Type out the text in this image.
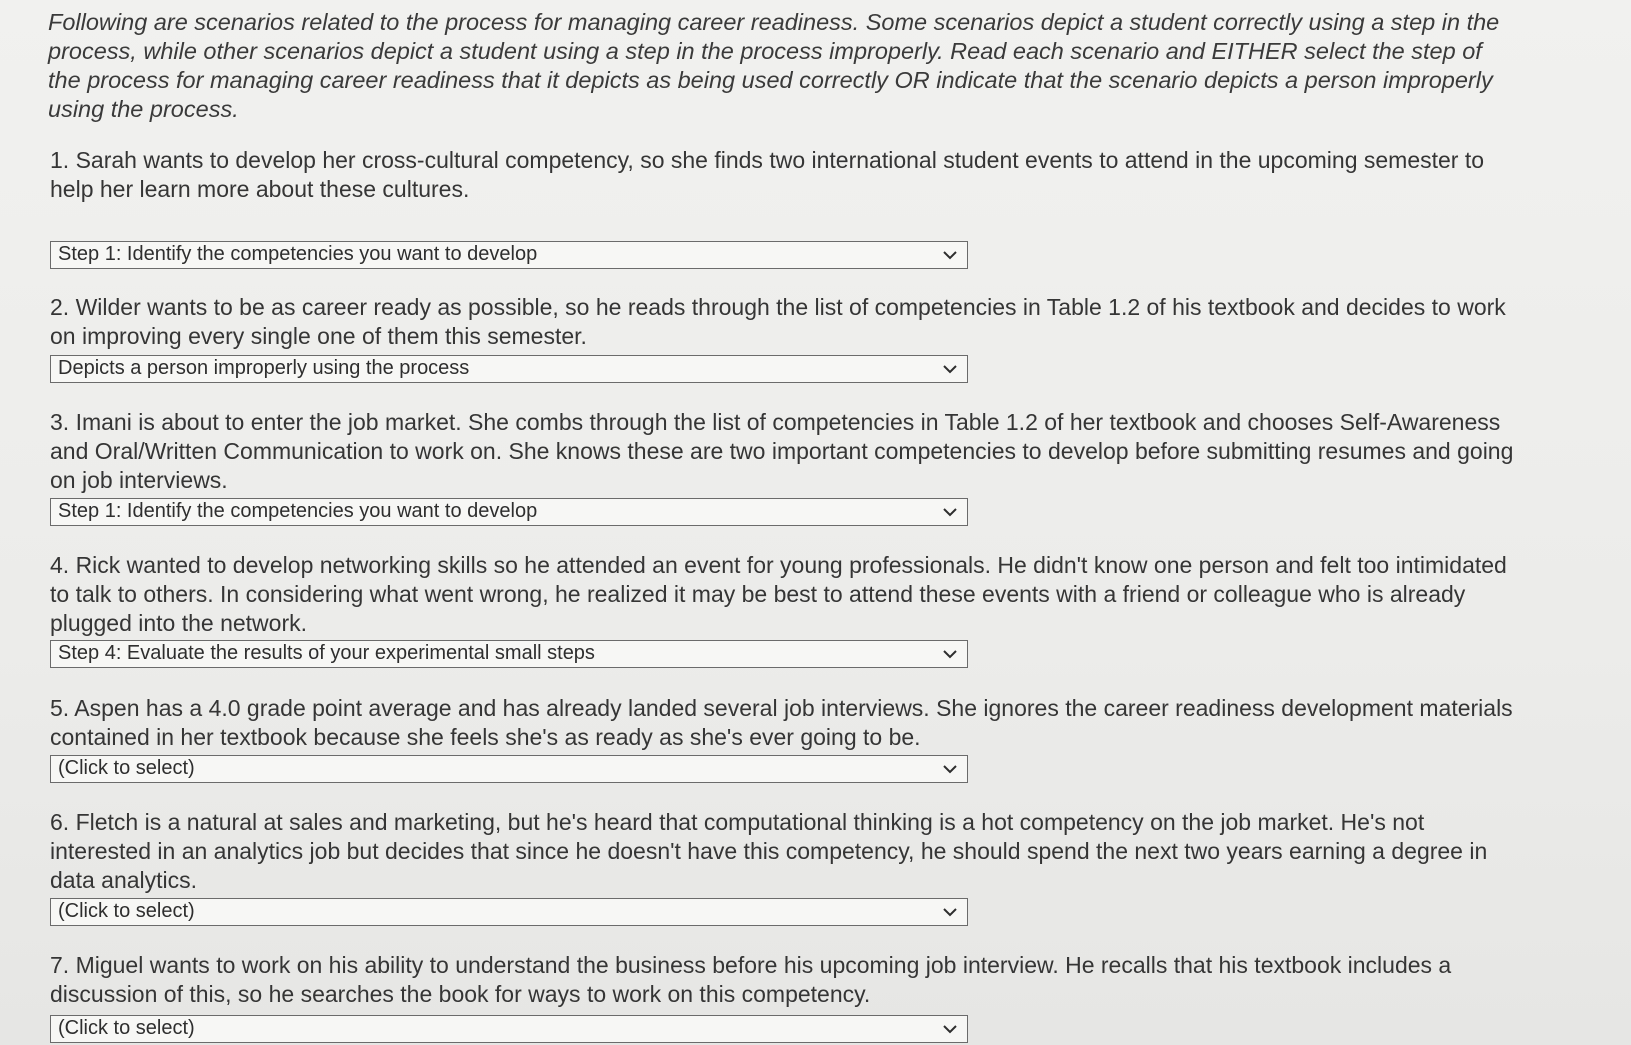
Following are scenarios related to the process for managing career readiness. Some scenarios depict a student correctly using a step in the process, while other scenarios depict a student using a step in the process improperly. Read each scenario and EITHER select the step of the process for managing career readiness that it depicts as being used correctly OR indicate that the scenario depicts a person improperly using the process.
1. Sarah wants to develop her cross-cultural competency, so she finds two international student events to attend in the upcoming semester to help her learn more about these cultures.
Step 1: Identify the competencies you want to develop
2. Wilder wants to be as career ready as possible, so he reads through the list of competencies in Table 1.2 of his textbook and decides to work on improving every single one of them this semester.
Depicts a person improperly using the process
3. Imani is about to enter the job market. She combs through the list of competencies in Table 1.2 of her textbook and chooses Self-Awareness and Oral/Written Communication to work on. She knows these are two important competencies to develop before submitting resumes and going on job interviews.
Step 1: Identify the competencies you want to develop
4. Rick wanted to develop networking skills so he attended an event for young professionals. He didn't know one person and felt too intimidated to talk to others. In considering what went wrong, he realized it may be best to attend these events with a friend or colleague who is already plugged into the network.
Step 4: Evaluate the results of your experimental small steps
5. Aspen has a 4.0 grade point average and has already landed several job interviews. She ignores the career readiness development materials contained in her textbook because she feels she's as ready as she's ever going to be.
(Click to select)
6. Fletch is a natural at sales and marketing, but he's heard that computational thinking is a hot competency on the job market. He's not interested in an analytics job but decides that since he doesn't have this competency, he should spend the next two years earning a degree in data analytics.
(Click to select)
7. Miguel wants to work on his ability to understand the business before his upcoming job interview. He recalls that his textbook includes a discussion of this, so he searches the book for ways to work on this competency.
(Click to select)
